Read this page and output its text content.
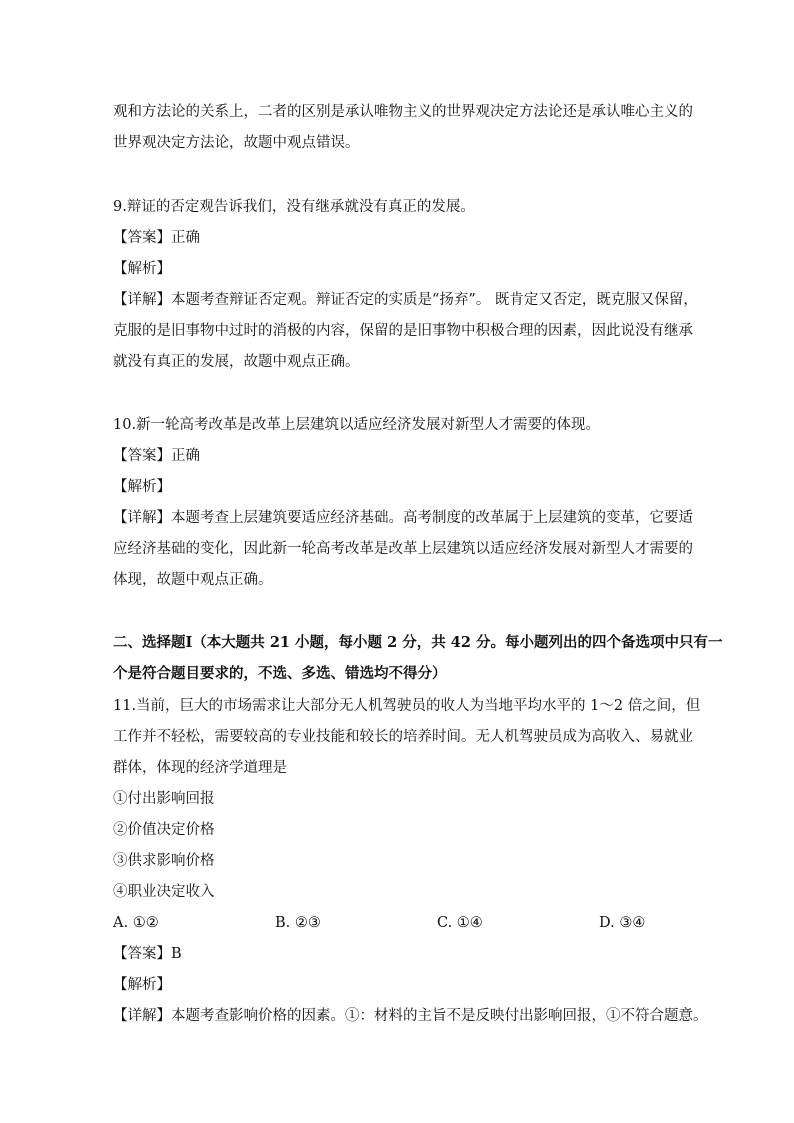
观和方法论的关系上，二者的区别是承认唯物主义的世界观决定方法论还是承认唯心主义的
世界观决定方法论，故题中观点错误。
9.辩证的否定观告诉我们，没有继承就没有真正的发展。
【答案】正确
【解析】
【详解】本题考查辩证否定观。辩证否定的实质是“扬弃”。 既肯定又否定，既克服又保留，
克服的是旧事物中过时的消极的内容，保留的是旧事物中积极合理的因素，因此说没有继承
就没有真正的发展，故题中观点正确。
10.新一轮高考改革是改革上层建筑以适应经济发展对新型人才需要的体现。
【答案】正确
【解析】
【详解】本题考查上层建筑要适应经济基础。高考制度的改革属于上层建筑的变革，它要适
应经济基础的变化，因此新一轮高考改革是改革上层建筑以适应经济发展对新型人才需要的
体现，故题中观点正确。
二、选择题Ⅰ（本大题共 21 小题，每小题 2 分，共 42 分。每小题列出的四个备选项中只有一
个是符合题目要求的，不选、多选、错选均不得分）
11.当前，巨大的市场需求让大部分无人机驾驶员的收人为当地平均水平的 1～2 倍之间，但
工作并不轻松，需要较高的专业技能和较长的培养时间。无人机驾驶员成为高收入、易就业
群体，体现的经济学道理是
①付出影响回报
②价值决定价格
③供求影响价格
④职业决定收入
A. ①②	B. ②③	C. ①④	D. ③④
【答案】B
【解析】
【详解】本题考查影响价格的因素。①：材料的主旨不是反映付出影响回报，①不符合题意。
